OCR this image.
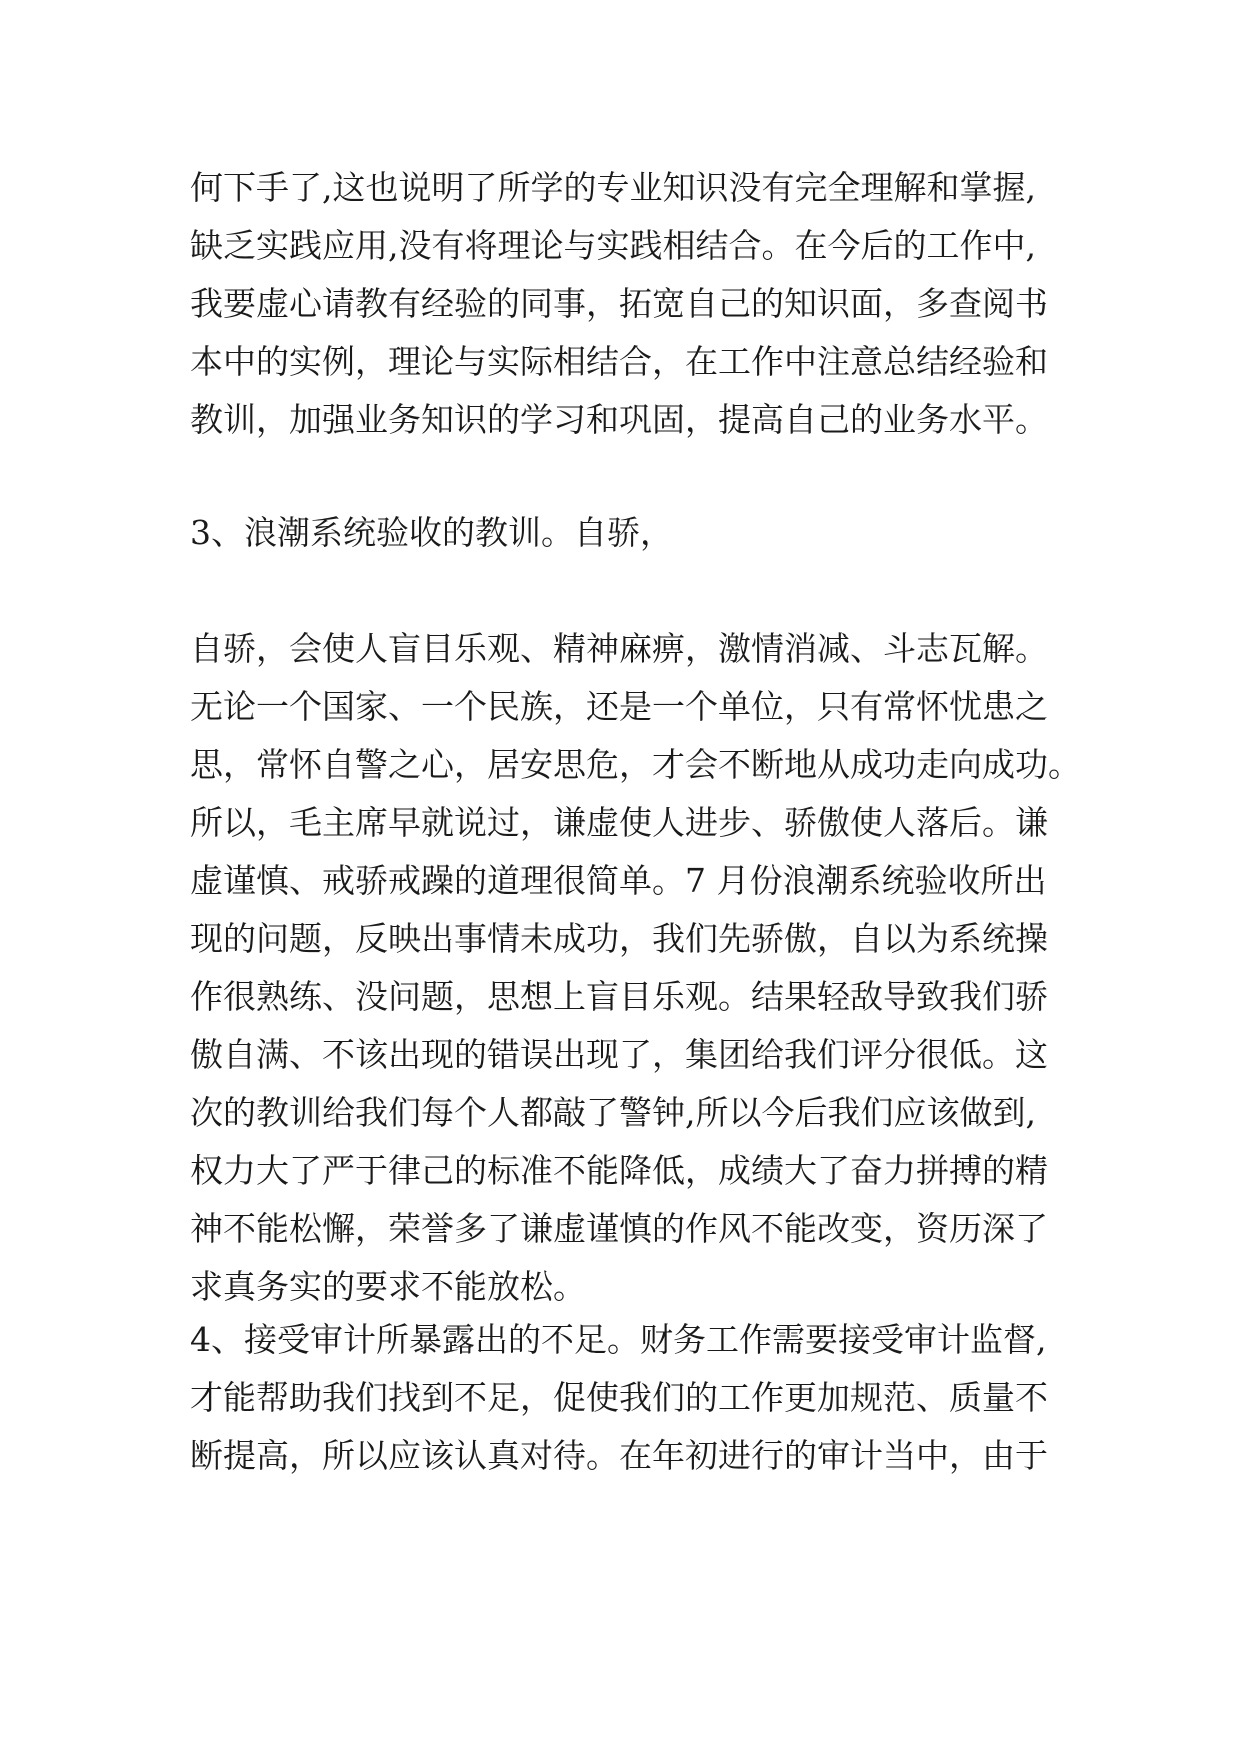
何下手了,这也说明了所学的专业知识没有完全理解和掌握,
缺乏实践应用,没有将理论与实践相结合。在今后的工作中,
我要虚心请教有经验的同事，拓宽自己的知识面，多查阅书
本中的实例，理论与实际相结合，在工作中注意总结经验和
教训，加强业务知识的学习和巩固，提高自己的业务水平。
3、浪潮系统验收的教训。自骄，
自骄，会使人盲目乐观、精神麻痹，激情消减、斗志瓦解。
无论一个国家、一个民族，还是一个单位，只有常怀忧患之
思，常怀自警之心，居安思危，才会不断地从成功走向成功。
所以，毛主席早就说过，谦虚使人进步、骄傲使人落后。谦
虚谨慎、戒骄戒躁的道理很简单。7 月份浪潮系统验收所出
现的问题，反映出事情未成功，我们先骄傲，自以为系统操
作很熟练、没问题，思想上盲目乐观。结果轻敌导致我们骄
傲自满、不该出现的错误出现了，集团给我们评分很低。这
次的教训给我们每个人都敲了警钟,所以今后我们应该做到,
权力大了严于律己的标准不能降低，成绩大了奋力拼搏的精
神不能松懈，荣誉多了谦虚谨慎的作风不能改变，资历深了
求真务实的要求不能放松。
4、接受审计所暴露出的不足。财务工作需要接受审计监督,
才能帮助我们找到不足，促使我们的工作更加规范、质量不
断提高，所以应该认真对待。在年初进行的审计当中，由于
